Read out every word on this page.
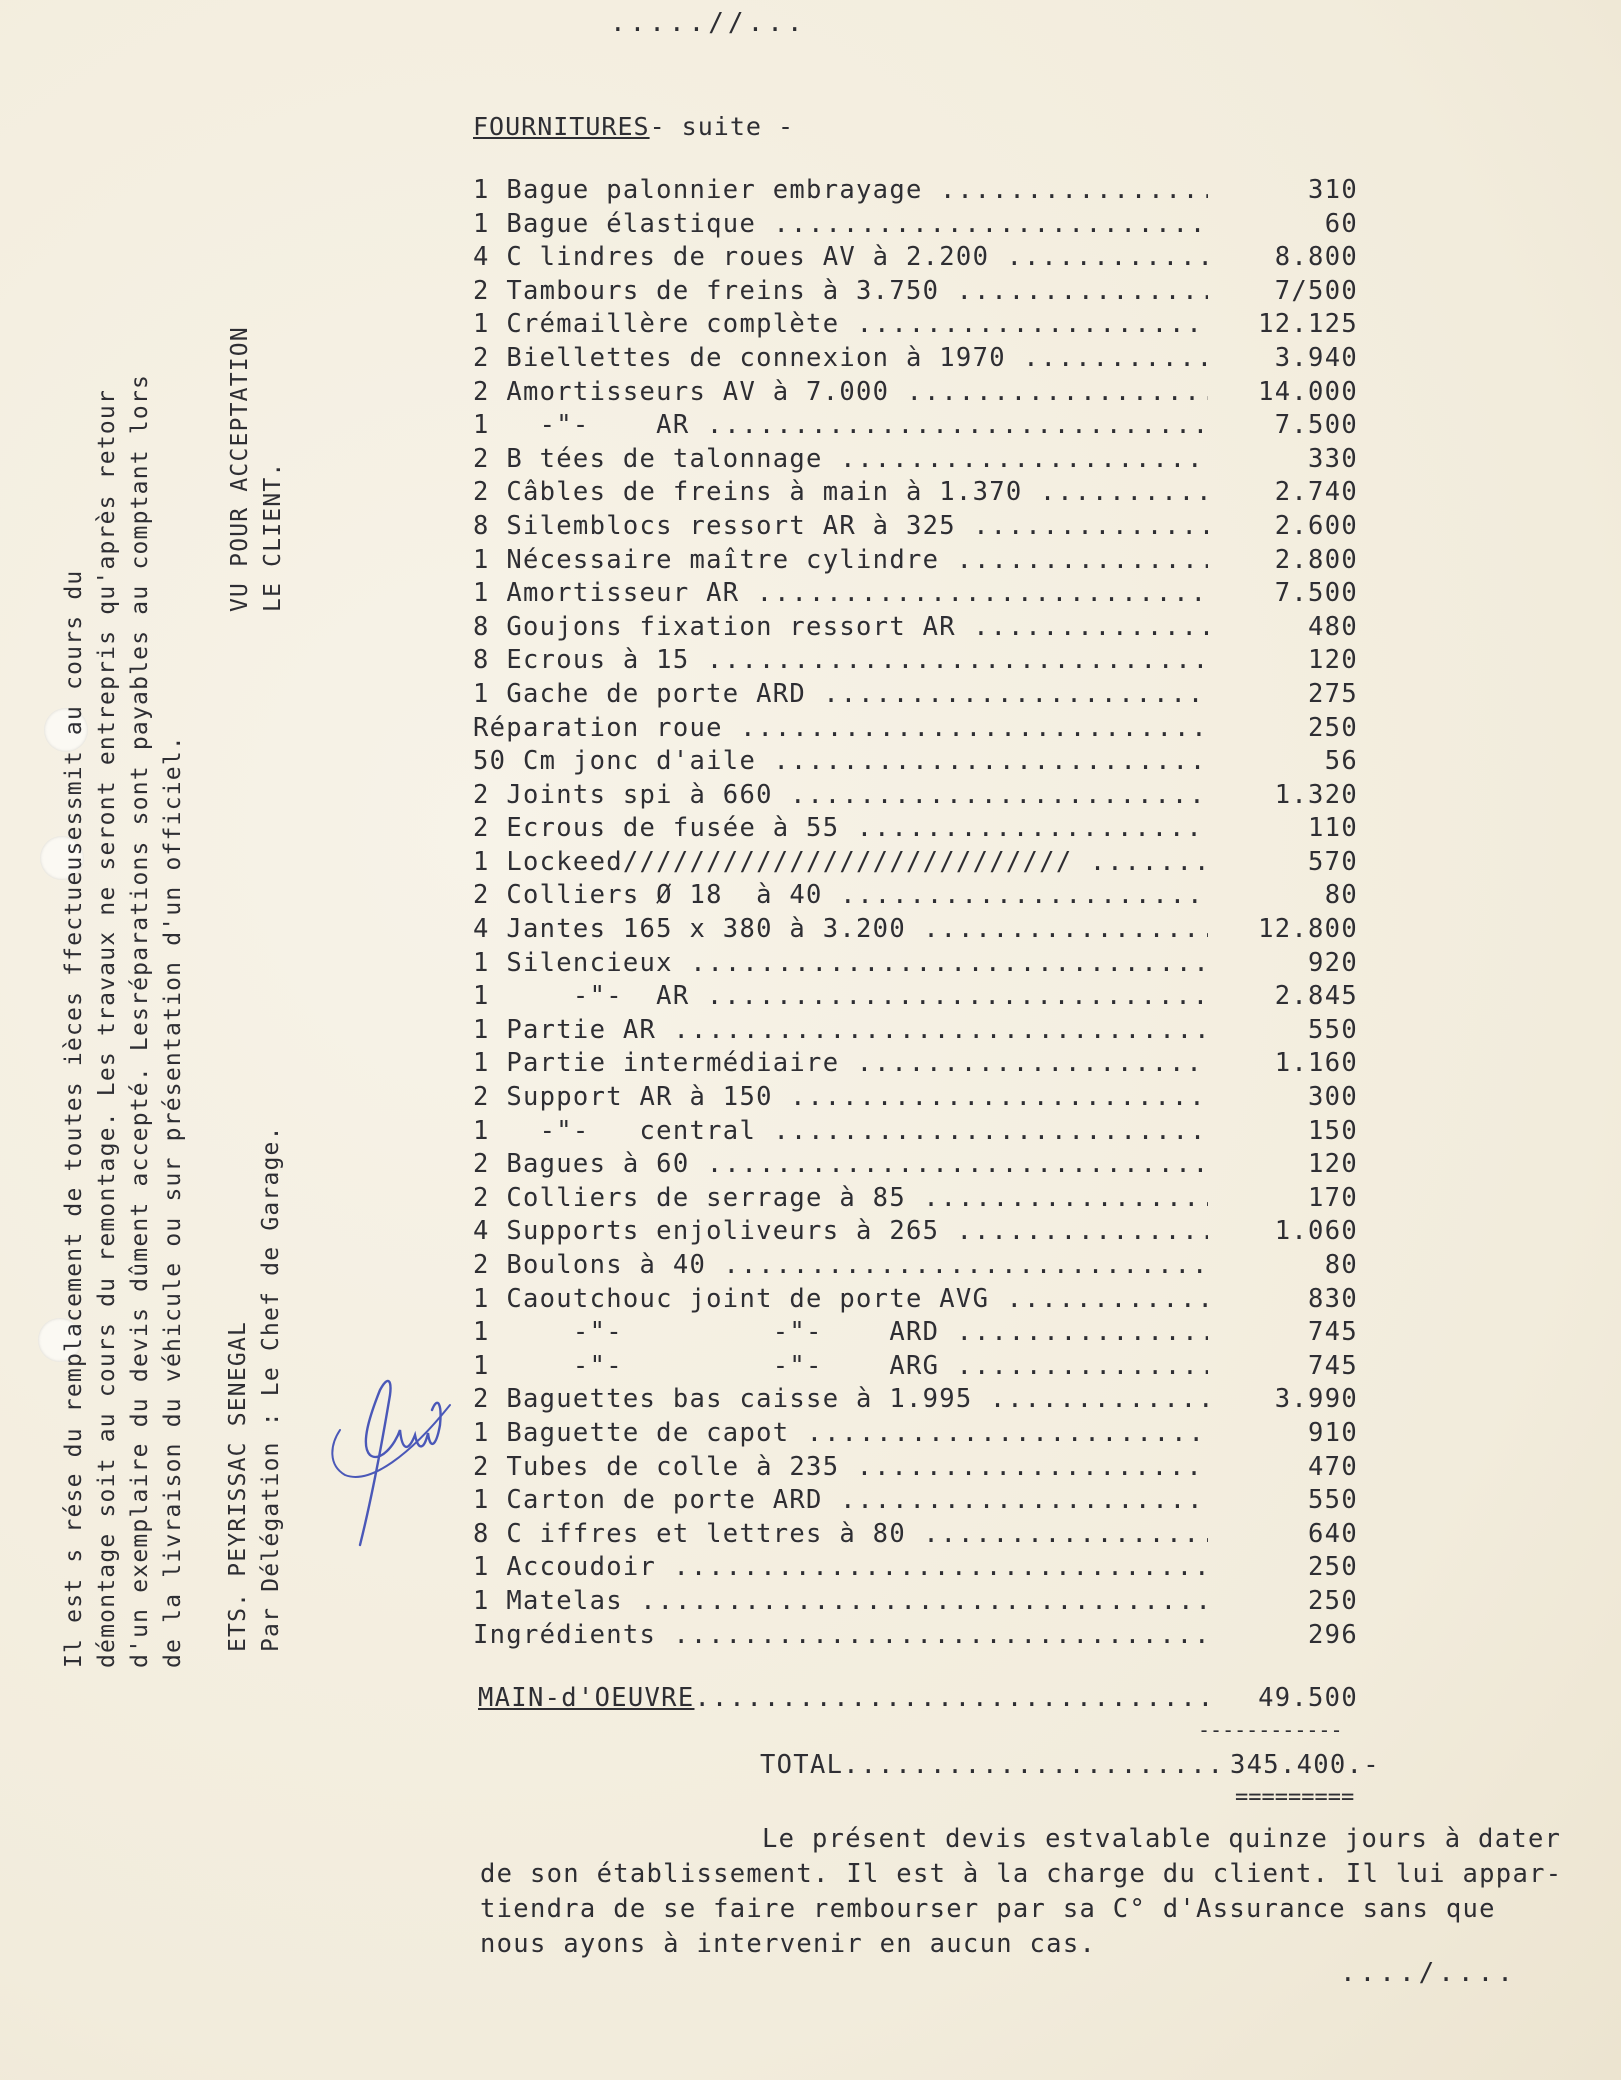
.....//...

Il est s rése du remplacement de toutes ièces ffectueusessmit au cours du démontage soit au cours du remontage. Les travaux ne seront entrepris qu'après retour d'un exemplaire du devis dûment accepté. Lesréparations sont payables au comptant lors de la livraison du véhicule ou sur présentation d'un officiel. ETS. PEYRISSAC SENEGAL Par Délégation : Le Chef de Garage.

VU POUR ACCEPTATION LE CLIENT.

FOURNITURES- suite -
1 Bague palonnier embrayage .....	310
1 Bague élastique .....	60
4 C lindres de roues AV à 2.200 .....	8.800
2 Tambours de freins à 3.750 .....	7/500
1 Crémaillère complète .....	12.125
2 Biellettes de connexion à 1970 .....	3.940
2 Amortisseurs AV à 7.000 .....	14.000
1   -"-    AR .....	7.500
2 B tées de talonnage .....	330
2 Câbles de freins à main à 1.370 .....	2.740
8 Silemblocs ressort AR à 325 .....	2.600
1 Nécessaire maître cylindre .....	2.800
1 Amortisseur AR .....	7.500
8 Goujons fixation ressort AR .....	480
8 Ecrous à 15 .....	120
1 Gache de porte ARD .....	275
Réparation roue .....	250
50 Cm jonc d'aile .....	56
2 Joints spi à 660 .....	1.320
2 Ecrous de fusée à 55 .....	110
1 Lockeed/////////////////////////// .....	570
2 Colliers Ø 18  à 40 .....	80
4 Jantes 165 x 380 à 3.200 .....	12.800
1 Silencieux .....	920
1     -"-  AR .....	2.845
1 Partie AR .....	550
1 Partie intermédiaire .....	1.160
2 Support AR à 150 .....	300
1   -"-   central .....	150
2 Bagues à 60 .....	120
2 Colliers de serrage à 85 .....	170
4 Supports enjoliveurs à 265 .....	1.060
2 Boulons à 40 .....	80
1 Caoutchouc joint de porte AVG .....	830
1     -"-         -"-    ARD .....	745
1     -"-         -"-    ARG .....	745
2 Baguettes bas caisse à 1.995 .....	3.990
1 Baguette de capot .....	910
2 Tubes de colle à 235 .....	470
1 Carton de porte ARD .....	550
8 C iffres et lettres à 80 .....	640
1 Accoudoir .....	250
1 Matelas .....	250
Ingrédients .....	296
MAIN-d'OEUVRE .....	49.500
------------
TOTAL .....	345.400.-
=========

Le présent devis estvalable quinze jours à dater

de son établissement. Il est à la charge du client. Il lui appar-

tiendra de se faire rembourser par sa C° d'Assurance sans que

nous ayons à intervenir en aucun cas.

..../....
